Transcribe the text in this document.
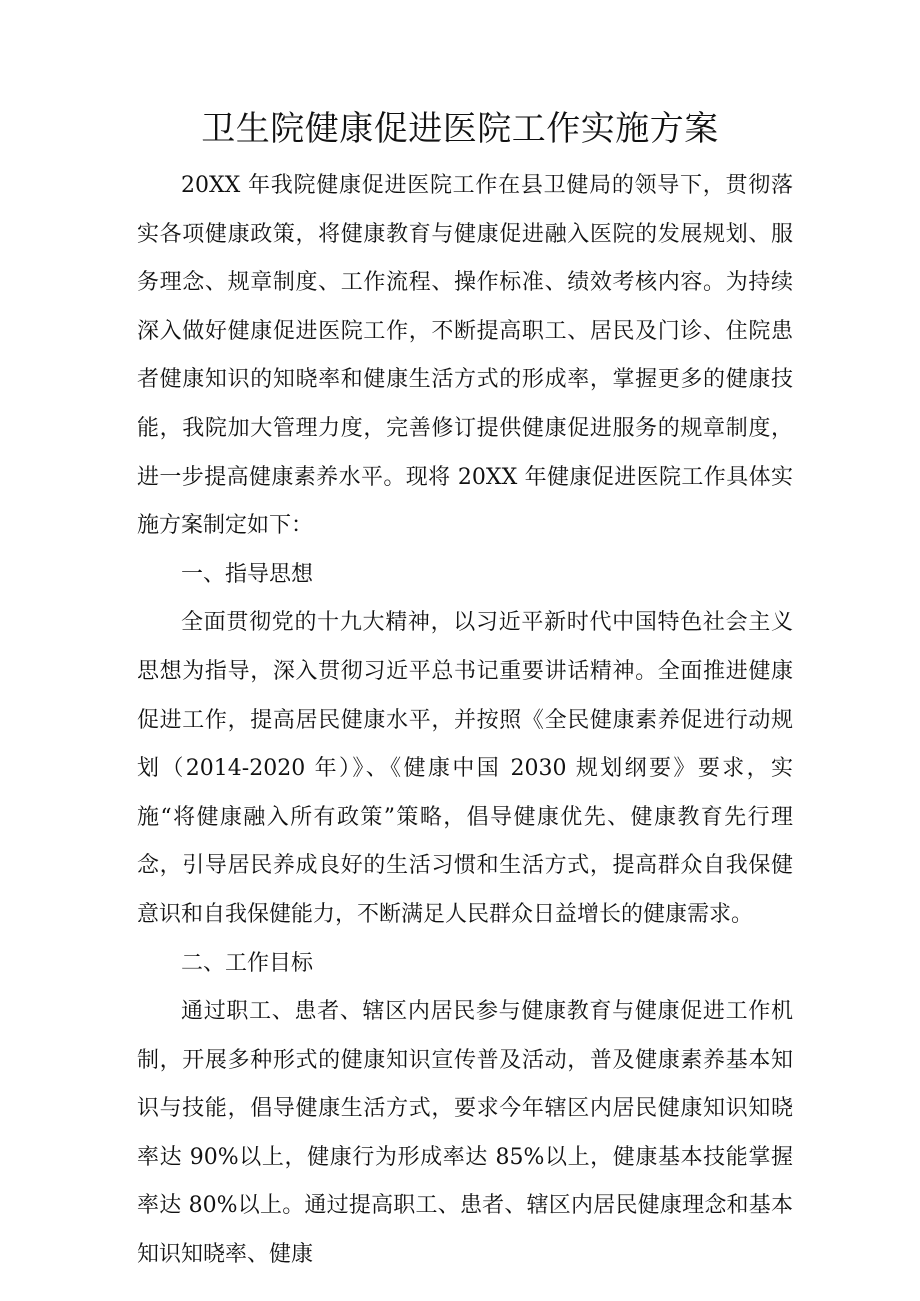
卫生院健康促进医院工作实施方案

20XX 年我院健康促进医院工作在县卫健局的领导下，贯彻落实各项健康政策，将健康教育与健康促进融入医院的发展规划、服务理念、规章制度、工作流程、操作标准、绩效考核内容。为持续深入做好健康促进医院工作，不断提高职工、居民及门诊、住院患者健康知识的知晓率和健康生活方式的形成率，掌握更多的健康技能，我院加大管理力度，完善修订提供健康促进服务的规章制度，进一步提高健康素养水平。现将 20XX 年健康促进医院工作具体实施方案制定如下：

一、指导思想

全面贯彻党的十九大精神，以习近平新时代中国特色社会主义思想为指导，深入贯彻习近平总书记重要讲话精神。全面推进健康促进工作，提高居民健康水平，并按照《全民健康素养促进行动规划（2014-2020 年）》、《健康中国 2030 规划纲要》要求，实施“将健康融入所有政策”策略，倡导健康优先、健康教育先行理念，引导居民养成良好的生活习惯和生活方式，提高群众自我保健意识和自我保健能力，不断满足人民群众日益增长的健康需求。

二、工作目标

通过职工、患者、辖区内居民参与健康教育与健康促进工作机制，开展多种形式的健康知识宣传普及活动，普及健康素养基本知识与技能，倡导健康生活方式，要求今年辖区内居民健康知识知晓率达 90%以上，健康行为形成率达 85%以上，健康基本技能掌握率达 80%以上。通过提高职工、患者、辖区内居民健康理念和基本知识知晓率、健康
